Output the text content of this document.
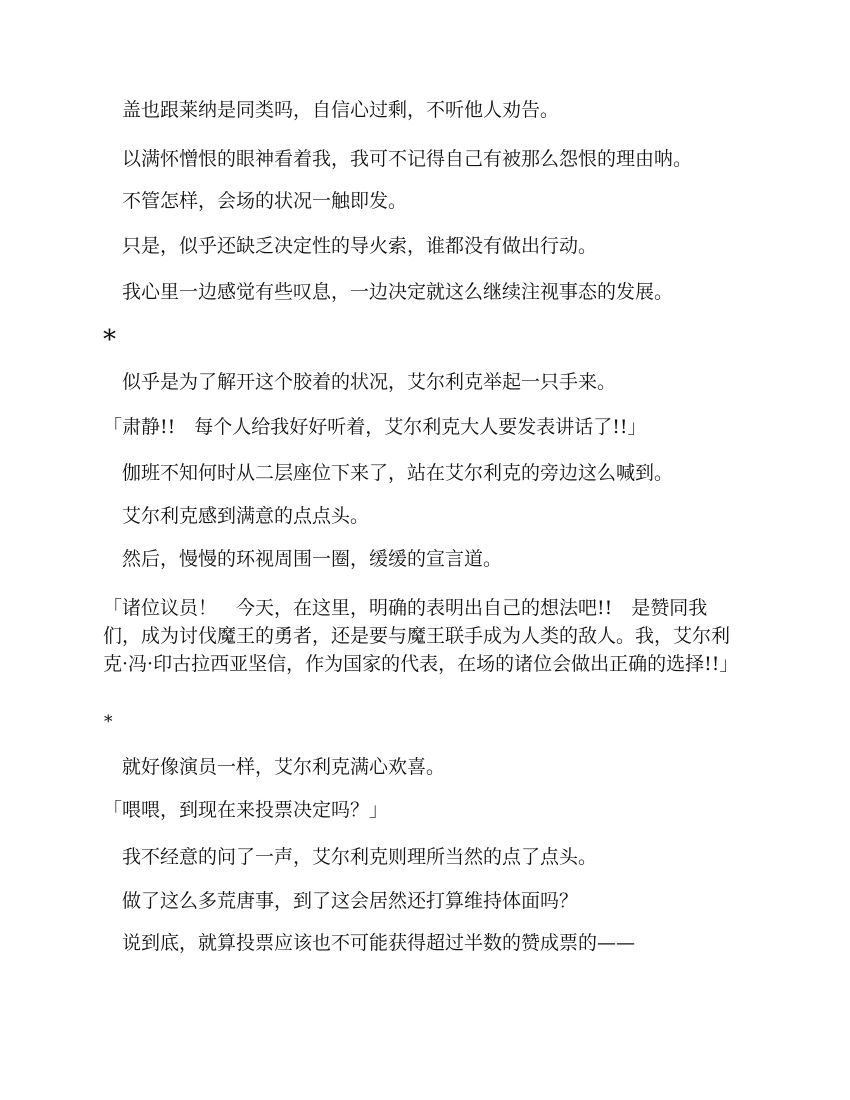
盖也跟莱纳是同类吗，自信心过剩，不听他人劝告。

以满怀憎恨的眼神看着我，我可不记得自己有被那么怨恨的理由呐。

不管怎样，会场的状况一触即发。

只是，似乎还缺乏决定性的导火索，谁都没有做出行动。

我心里一边感觉有些叹息，一边决定就这么继续注视事态的发展。

*

似乎是为了解开这个胶着的状况，艾尔利克举起一只手来。

「肃静!!　每个人给我好好听着，艾尔利克大人要发表讲话了!!」

伽班不知何时从二层座位下来了，站在艾尔利克的旁边这么喊到。

艾尔利克感到满意的点点头。

然后，慢慢的环视周围一圈，缓缓的宣言道。

「诸位议员！　今天，在这里，明确的表明出自己的想法吧!!　是赞同我们，成为讨伐魔王的勇者，还是要与魔王联手成为人类的敌人。我，艾尔利克·冯·印古拉西亚坚信，作为国家的代表，在场的诸位会做出正确的选择!!」

*

就好像演员一样，艾尔利克满心欢喜。

「喂喂，到现在来投票决定吗？」

我不经意的问了一声，艾尔利克则理所当然的点了点头。

做了这么多荒唐事，到了这会居然还打算维持体面吗？

说到底，就算投票应该也不可能获得超过半数的赞成票的——
